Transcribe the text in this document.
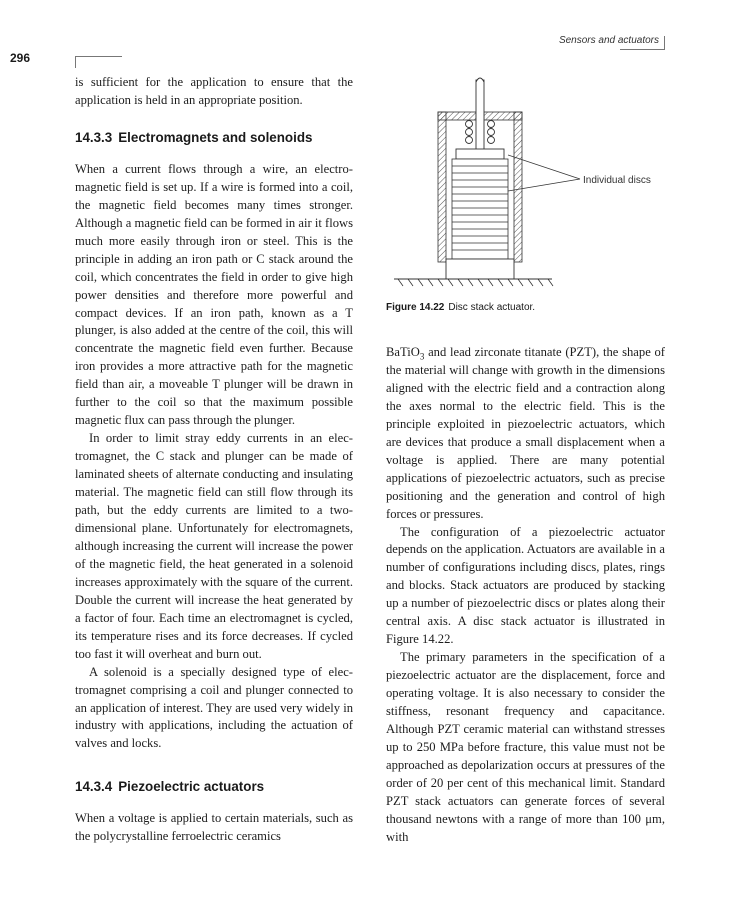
296
Sensors and actuators

is sufficient for the application to ensure that the application is held in an appropriate position.

14.3.3 Electromagnets and solenoids

When a current flows through a wire, an electromagnetic field is set up. If a wire is formed into a coil, the magnetic field becomes many times stronger. Although a magnetic field can be formed in air it flows much more easily through iron or steel. This is the principle in adding an iron path or C stack around the coil, which concentrates the field in order to give high power densities and therefore more powerful and compact devices. If an iron path, known as a T plunger, is also added at the centre of the coil, this will concentrate the magnetic field even further. Because iron provides a more attractive path for the magnetic field than air, a moveable T plunger will be drawn in further to the coil so that the maximum possible magnetic flux can pass through the plunger.

In order to limit stray eddy currents in an electromagnet, the C stack and plunger can be made of laminated sheets of alternate conducting and insulating material. The magnetic field can still flow through its path, but the eddy currents are limited to a two-dimensional plane. Unfortunately for electromagnets, although increasing the current will increase the power of the magnetic field, the heat generated in a solenoid increases approximately with the square of the current. Double the current will increase the heat generated by a factor of four. Each time an electromagnet is cycled, its temperature rises and its force decreases. If cycled too fast it will overheat and burn out.

A solenoid is a specially designed type of electromagnet comprising a coil and plunger connected to an application of interest. They are used very widely in industry with applications, including the actuation of valves and locks.

14.3.4 Piezoelectric actuators

When a voltage is applied to certain materials, such as the polycrystalline ferroelectric ceramics

Individual discs
Figure 14.22 Disc stack actuator.

BaTiO$_3$ and lead zirconate titanate (PZT), the shape of the material will change with growth in the dimensions aligned with the electric field and a contraction along the axes normal to the electric field. This is the principle exploited in piezoelectric actuators, which are devices that produce a small displacement when a voltage is applied. There are many potential applications of piezoelectric actuators, such as precise positioning and the generation and control of high forces or pressures.

The configuration of a piezoelectric actuator depends on the application. Actuators are available in a number of configurations including discs, plates, rings and blocks. Stack actuators are produced by stacking up a number of piezoelectric discs or plates along their central axis. A disc stack actuator is illustrated in Figure 14.22.

The primary parameters in the specification of a piezoelectric actuator are the displacement, force and operating voltage. It is also necessary to consider the stiffness, resonant frequency and capacitance. Although PZT ceramic material can withstand stresses up to 250 MPa before fracture, this value must not be approached as depolarization occurs at pressures of the order of 20 per cent of this mechanical limit. Standard PZT stack actuators can generate forces of several thousand newtons with a range of more than 100 μm, with
